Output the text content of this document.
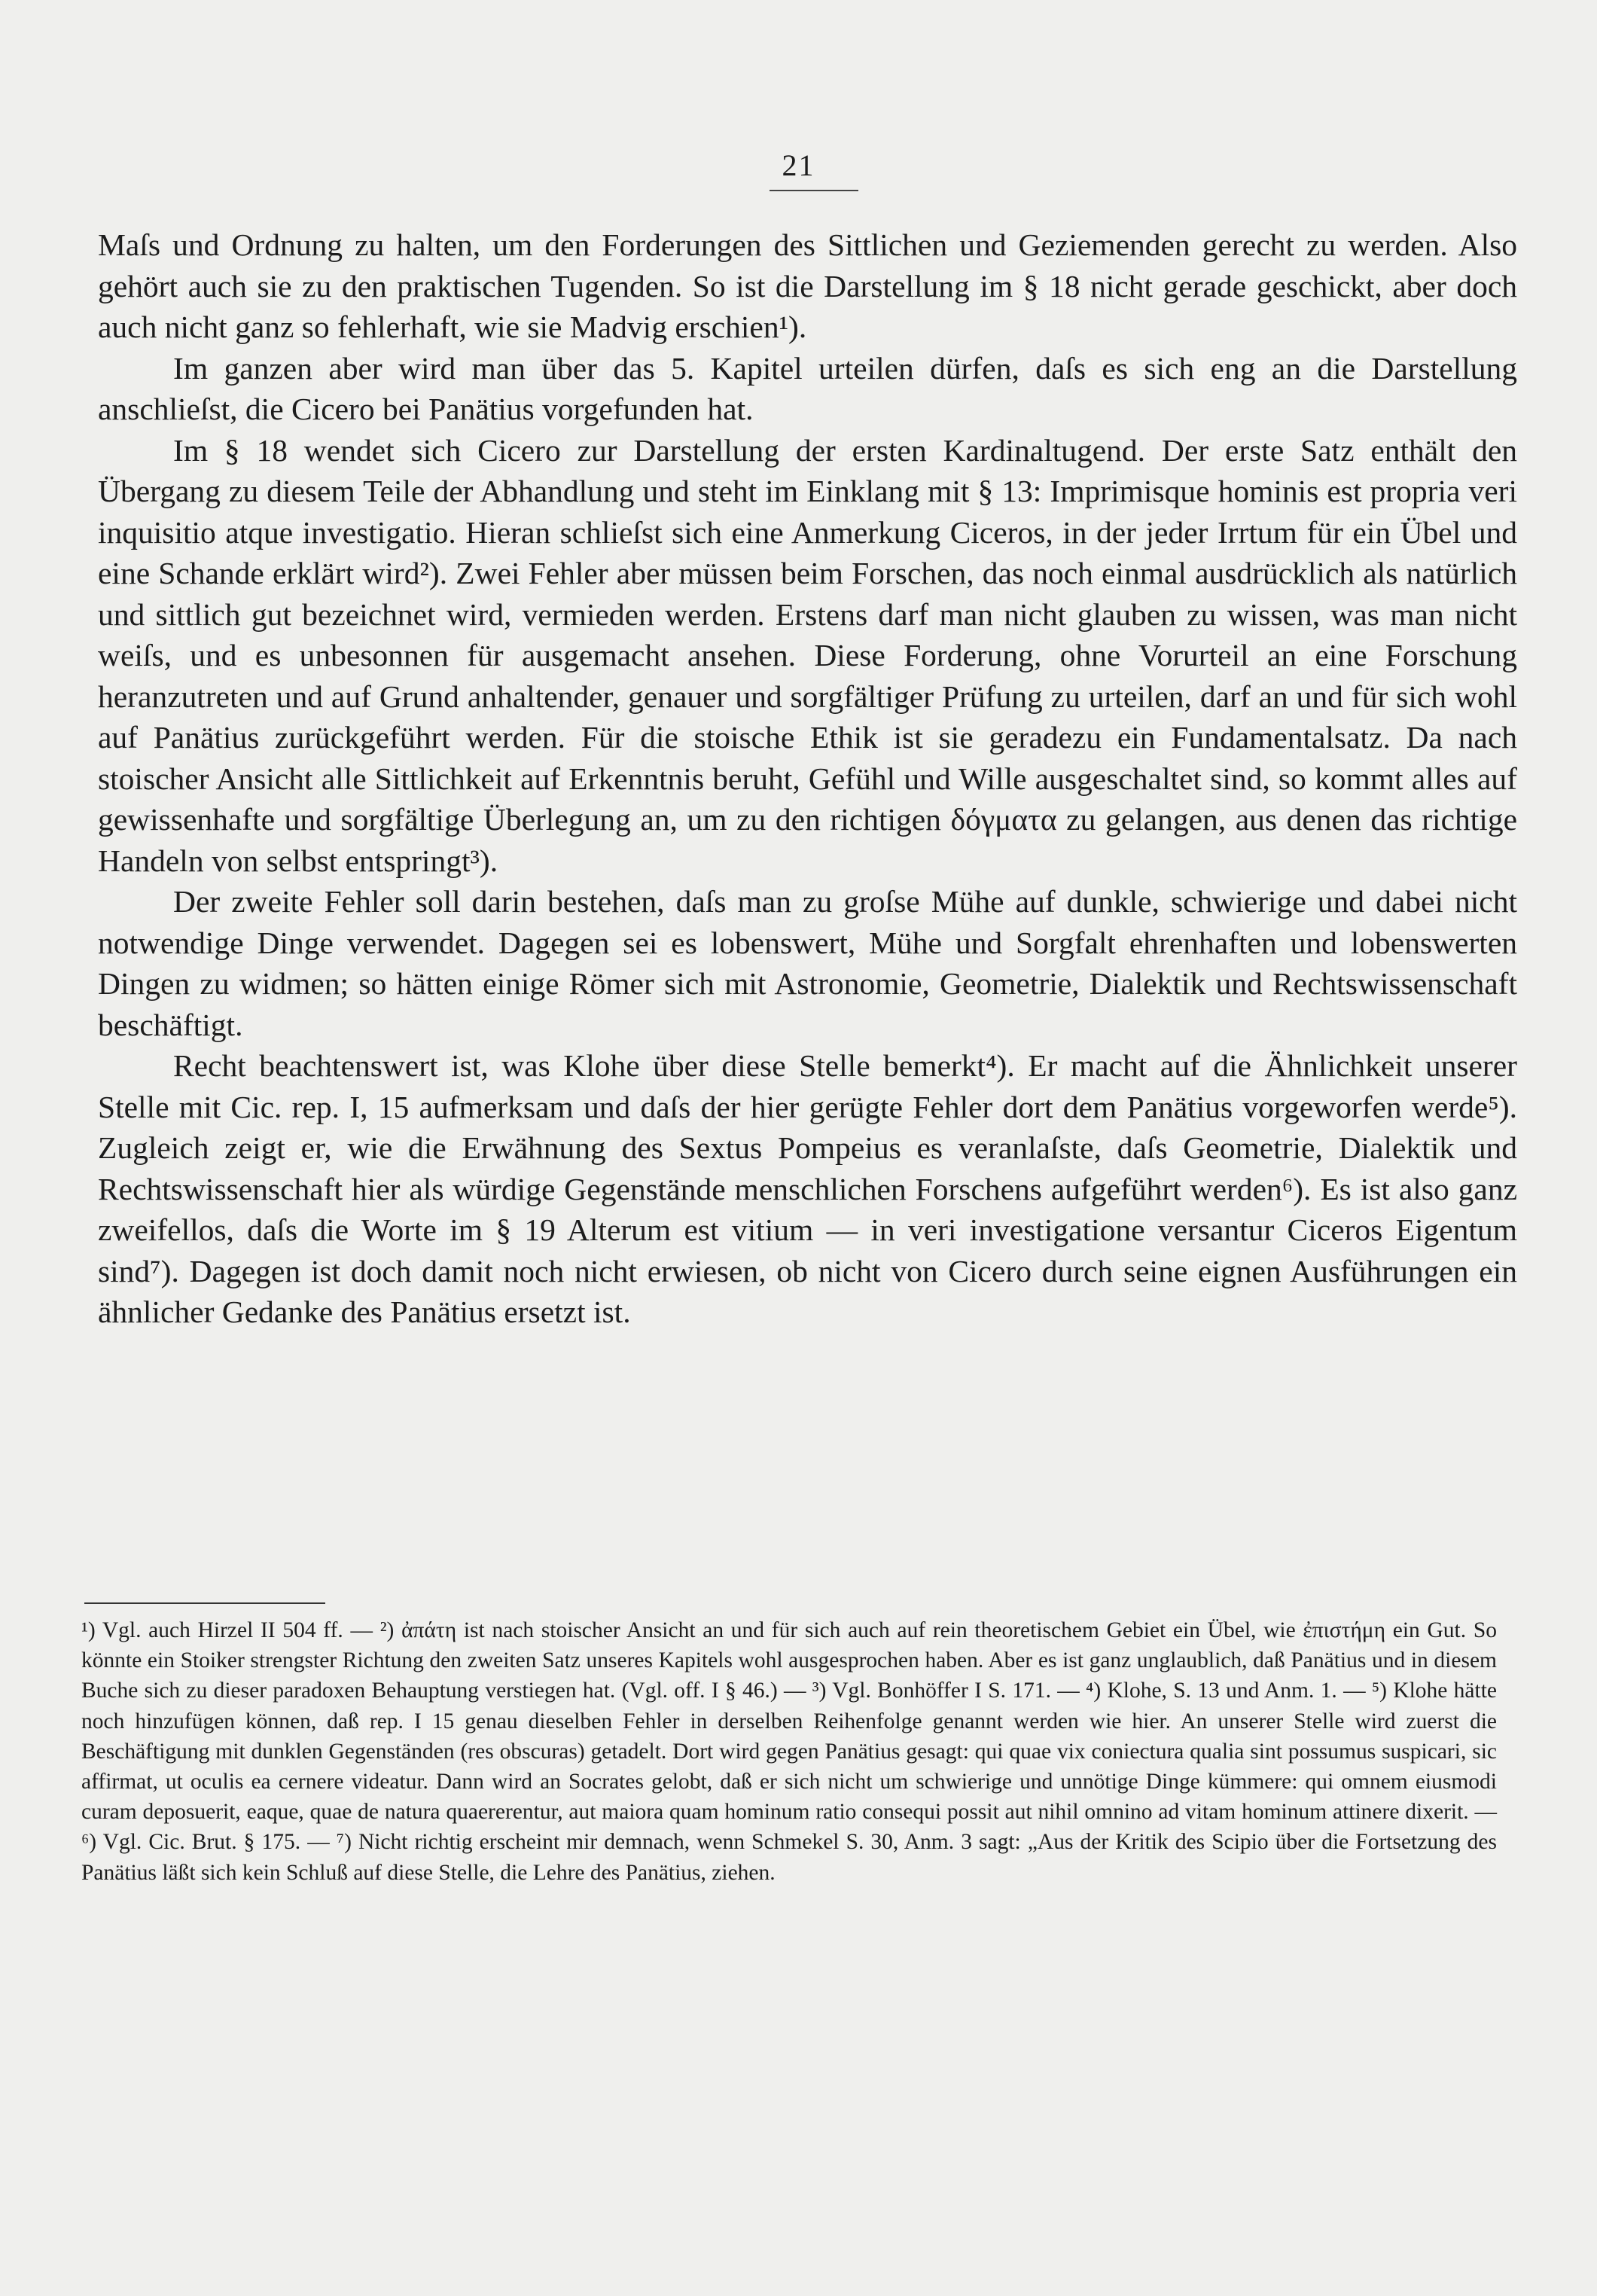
21

Maſs und Ordnung zu halten, um den Forderungen des Sittlichen und Geziemenden gerecht zu werden. Also gehört auch sie zu den praktischen Tugenden. So ist die Darstellung im § 18 nicht gerade geschickt, aber doch auch nicht ganz so fehlerhaft, wie sie Madvig erschien¹).

Im ganzen aber wird man über das 5. Kapitel urteilen dürfen, daſs es sich eng an die Darstellung anschlieſst, die Cicero bei Panätius vorgefunden hat.

Im § 18 wendet sich Cicero zur Darstellung der ersten Kardinaltugend. Der erste Satz enthält den Übergang zu diesem Teile der Abhandlung und steht im Einklang mit § 13: Imprimisque hominis est propria veri inquisitio atque investigatio. Hieran schlieſst sich eine Anmerkung Ciceros, in der jeder Irrtum für ein Übel und eine Schande erklärt wird²). Zwei Fehler aber müssen beim Forschen, das noch einmal ausdrücklich als natürlich und sittlich gut bezeichnet wird, vermieden werden. Erstens darf man nicht glauben zu wissen, was man nicht weiſs, und es unbesonnen für ausgemacht ansehen. Diese Forderung, ohne Vorurteil an eine Forschung heranzutreten und auf Grund anhaltender, genauer und sorgfältiger Prüfung zu urteilen, darf an und für sich wohl auf Panätius zurückgeführt werden. Für die stoische Ethik ist sie geradezu ein Fundamentalsatz. Da nach stoischer Ansicht alle Sittlichkeit auf Erkenntnis beruht, Gefühl und Wille ausgeschaltet sind, so kommt alles auf gewissenhafte und sorgfältige Überlegung an, um zu den richtigen δόγματα zu gelangen, aus denen das richtige Handeln von selbst entspringt³).

Der zweite Fehler soll darin bestehen, daſs man zu groſse Mühe auf dunkle, schwierige und dabei nicht notwendige Dinge verwendet. Dagegen sei es lobenswert, Mühe und Sorgfalt ehrenhaften und lobenswerten Dingen zu widmen; so hätten einige Römer sich mit Astronomie, Geometrie, Dialektik und Rechtswissenschaft beschäftigt.

Recht beachtenswert ist, was Klohe über diese Stelle bemerkt⁴). Er macht auf die Ähnlichkeit unserer Stelle mit Cic. rep. I, 15 aufmerksam und daſs der hier gerügte Fehler dort dem Panätius vorgeworfen werde⁵). Zugleich zeigt er, wie die Erwähnung des Sextus Pompeius es veranlaſste, daſs Geometrie, Dialektik und Rechtswissenschaft hier als würdige Gegenstände menschlichen Forschens aufgeführt werden⁶). Es ist also ganz zweifellos, daſs die Worte im § 19 Alterum est vitium — in veri investigatione versantur Ciceros Eigentum sind⁷). Dagegen ist doch damit noch nicht erwiesen, ob nicht von Cicero durch seine eignen Ausführungen ein ähnlicher Gedanke des Panätius ersetzt ist.

¹) Vgl. auch Hirzel II 504 ff. — ²) ἀπάτη ist nach stoischer Ansicht an und für sich auch auf rein theoretischem Gebiet ein Übel, wie ἐπιστήμη ein Gut. So könnte ein Stoiker strengster Richtung den zweiten Satz unseres Kapitels wohl ausgesprochen haben. Aber es ist ganz unglaublich, daß Panätius und in diesem Buche sich zu dieser paradoxen Behauptung verstiegen hat. (Vgl. off. I § 46.) — ³) Vgl. Bonhöffer I S. 171. — ⁴) Klohe, S. 13 und Anm. 1. — ⁵) Klohe hätte noch hinzufügen können, daß rep. I 15 genau dieselben Fehler in derselben Reihenfolge genannt werden wie hier. An unserer Stelle wird zuerst die Beschäftigung mit dunklen Gegenständen (res obscuras) getadelt. Dort wird gegen Panätius gesagt: qui quae vix coniectura qualia sint possumus suspicari, sic affirmat, ut oculis ea cernere videatur. Dann wird an Socrates gelobt, daß er sich nicht um schwierige und unnötige Dinge kümmere: qui omnem eiusmodi curam deposuerit, eaque, quae de natura quaererentur, aut maiora quam hominum ratio consequi possit aut nihil omnino ad vitam hominum attinere dixerit. — ⁶) Vgl. Cic. Brut. § 175. — ⁷) Nicht richtig erscheint mir demnach, wenn Schmekel S. 30, Anm. 3 sagt: „Aus der Kritik des Scipio über die Fortsetzung des Panätius läßt sich kein Schluß auf diese Stelle, die Lehre des Panätius, ziehen.
